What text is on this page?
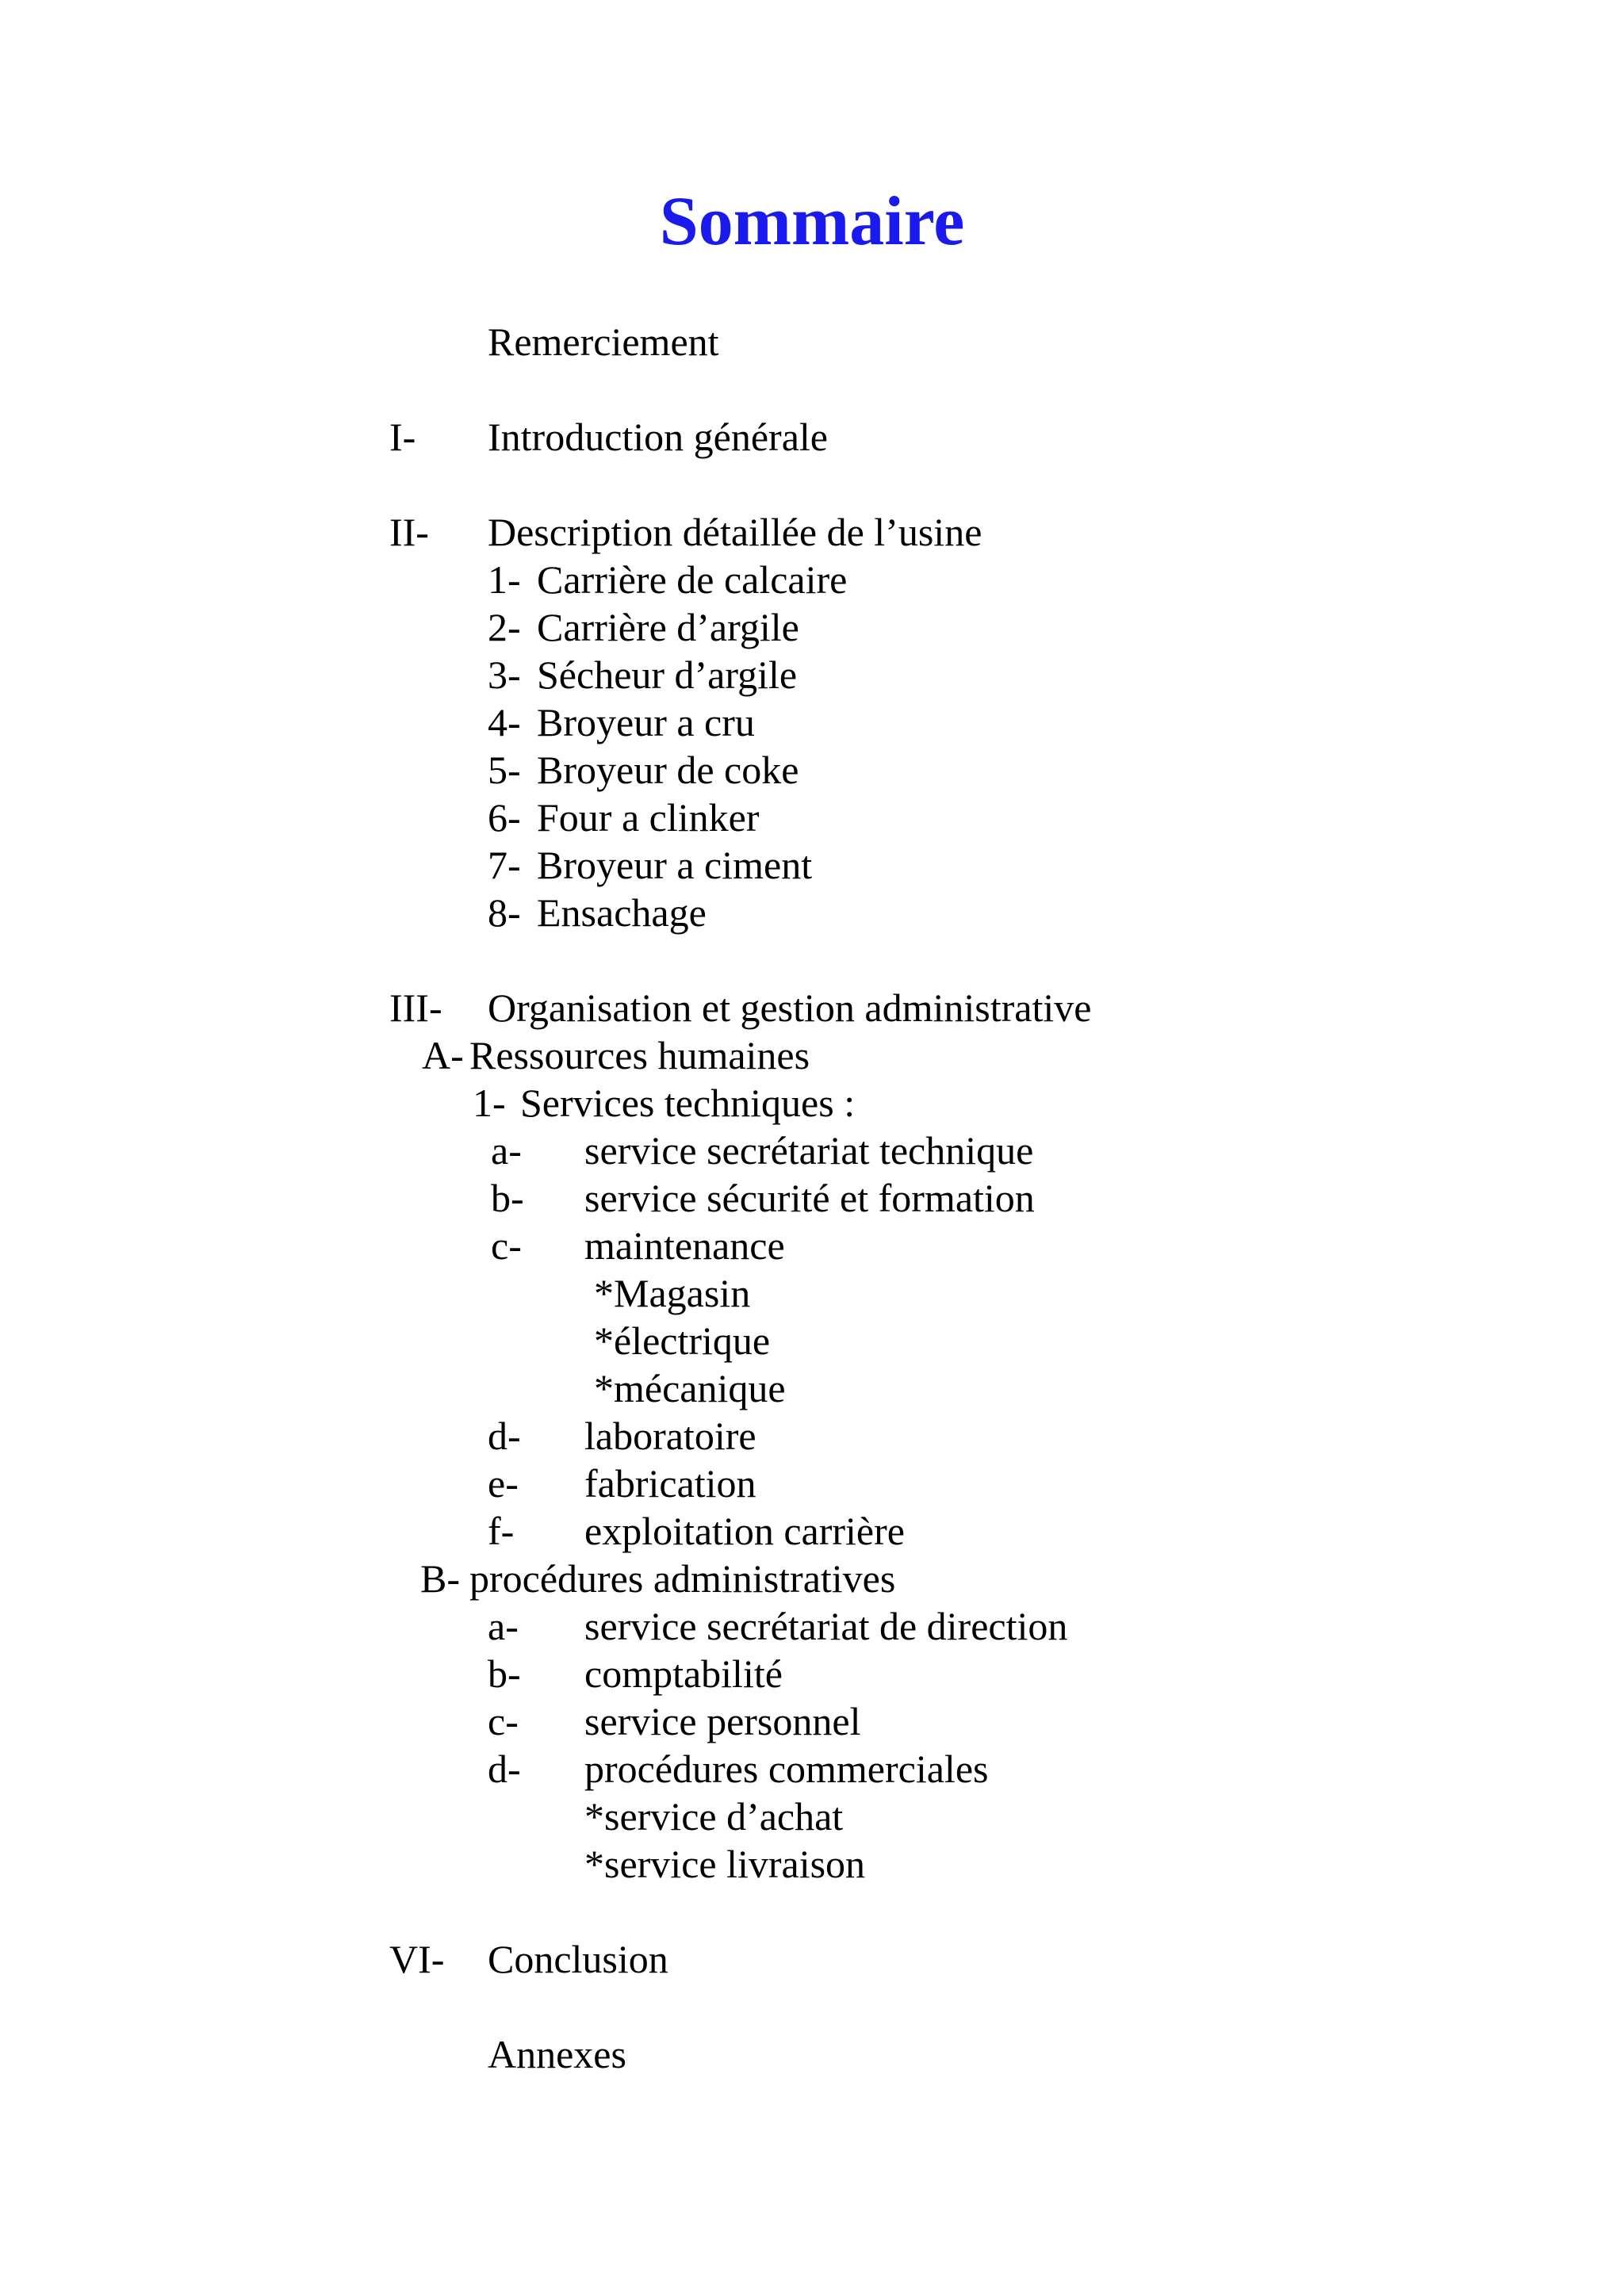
Sommaire
Remerciement
I- Introduction générale
II- Description détaillée de l’usine
1- Carrière de calcaire
2- Carrière d’argile
3- Sécheur d’argile
4- Broyeur a cru
5- Broyeur de coke
6- Four a clinker
7- Broyeur a ciment
8- Ensachage
III- Organisation et gestion administrative
A- Ressources humaines
1- Services techniques :
a- service secrétariat technique
b- service sécurité et formation
c- maintenance
*Magasin
*électrique
*mécanique
d- laboratoire
e- fabrication
f- exploitation carrière
B- procédures administratives
a- service secrétariat de direction
b- comptabilité
c- service personnel
d- procédures commerciales
*service d’achat
*service livraison
VI- Conclusion
Annexes
